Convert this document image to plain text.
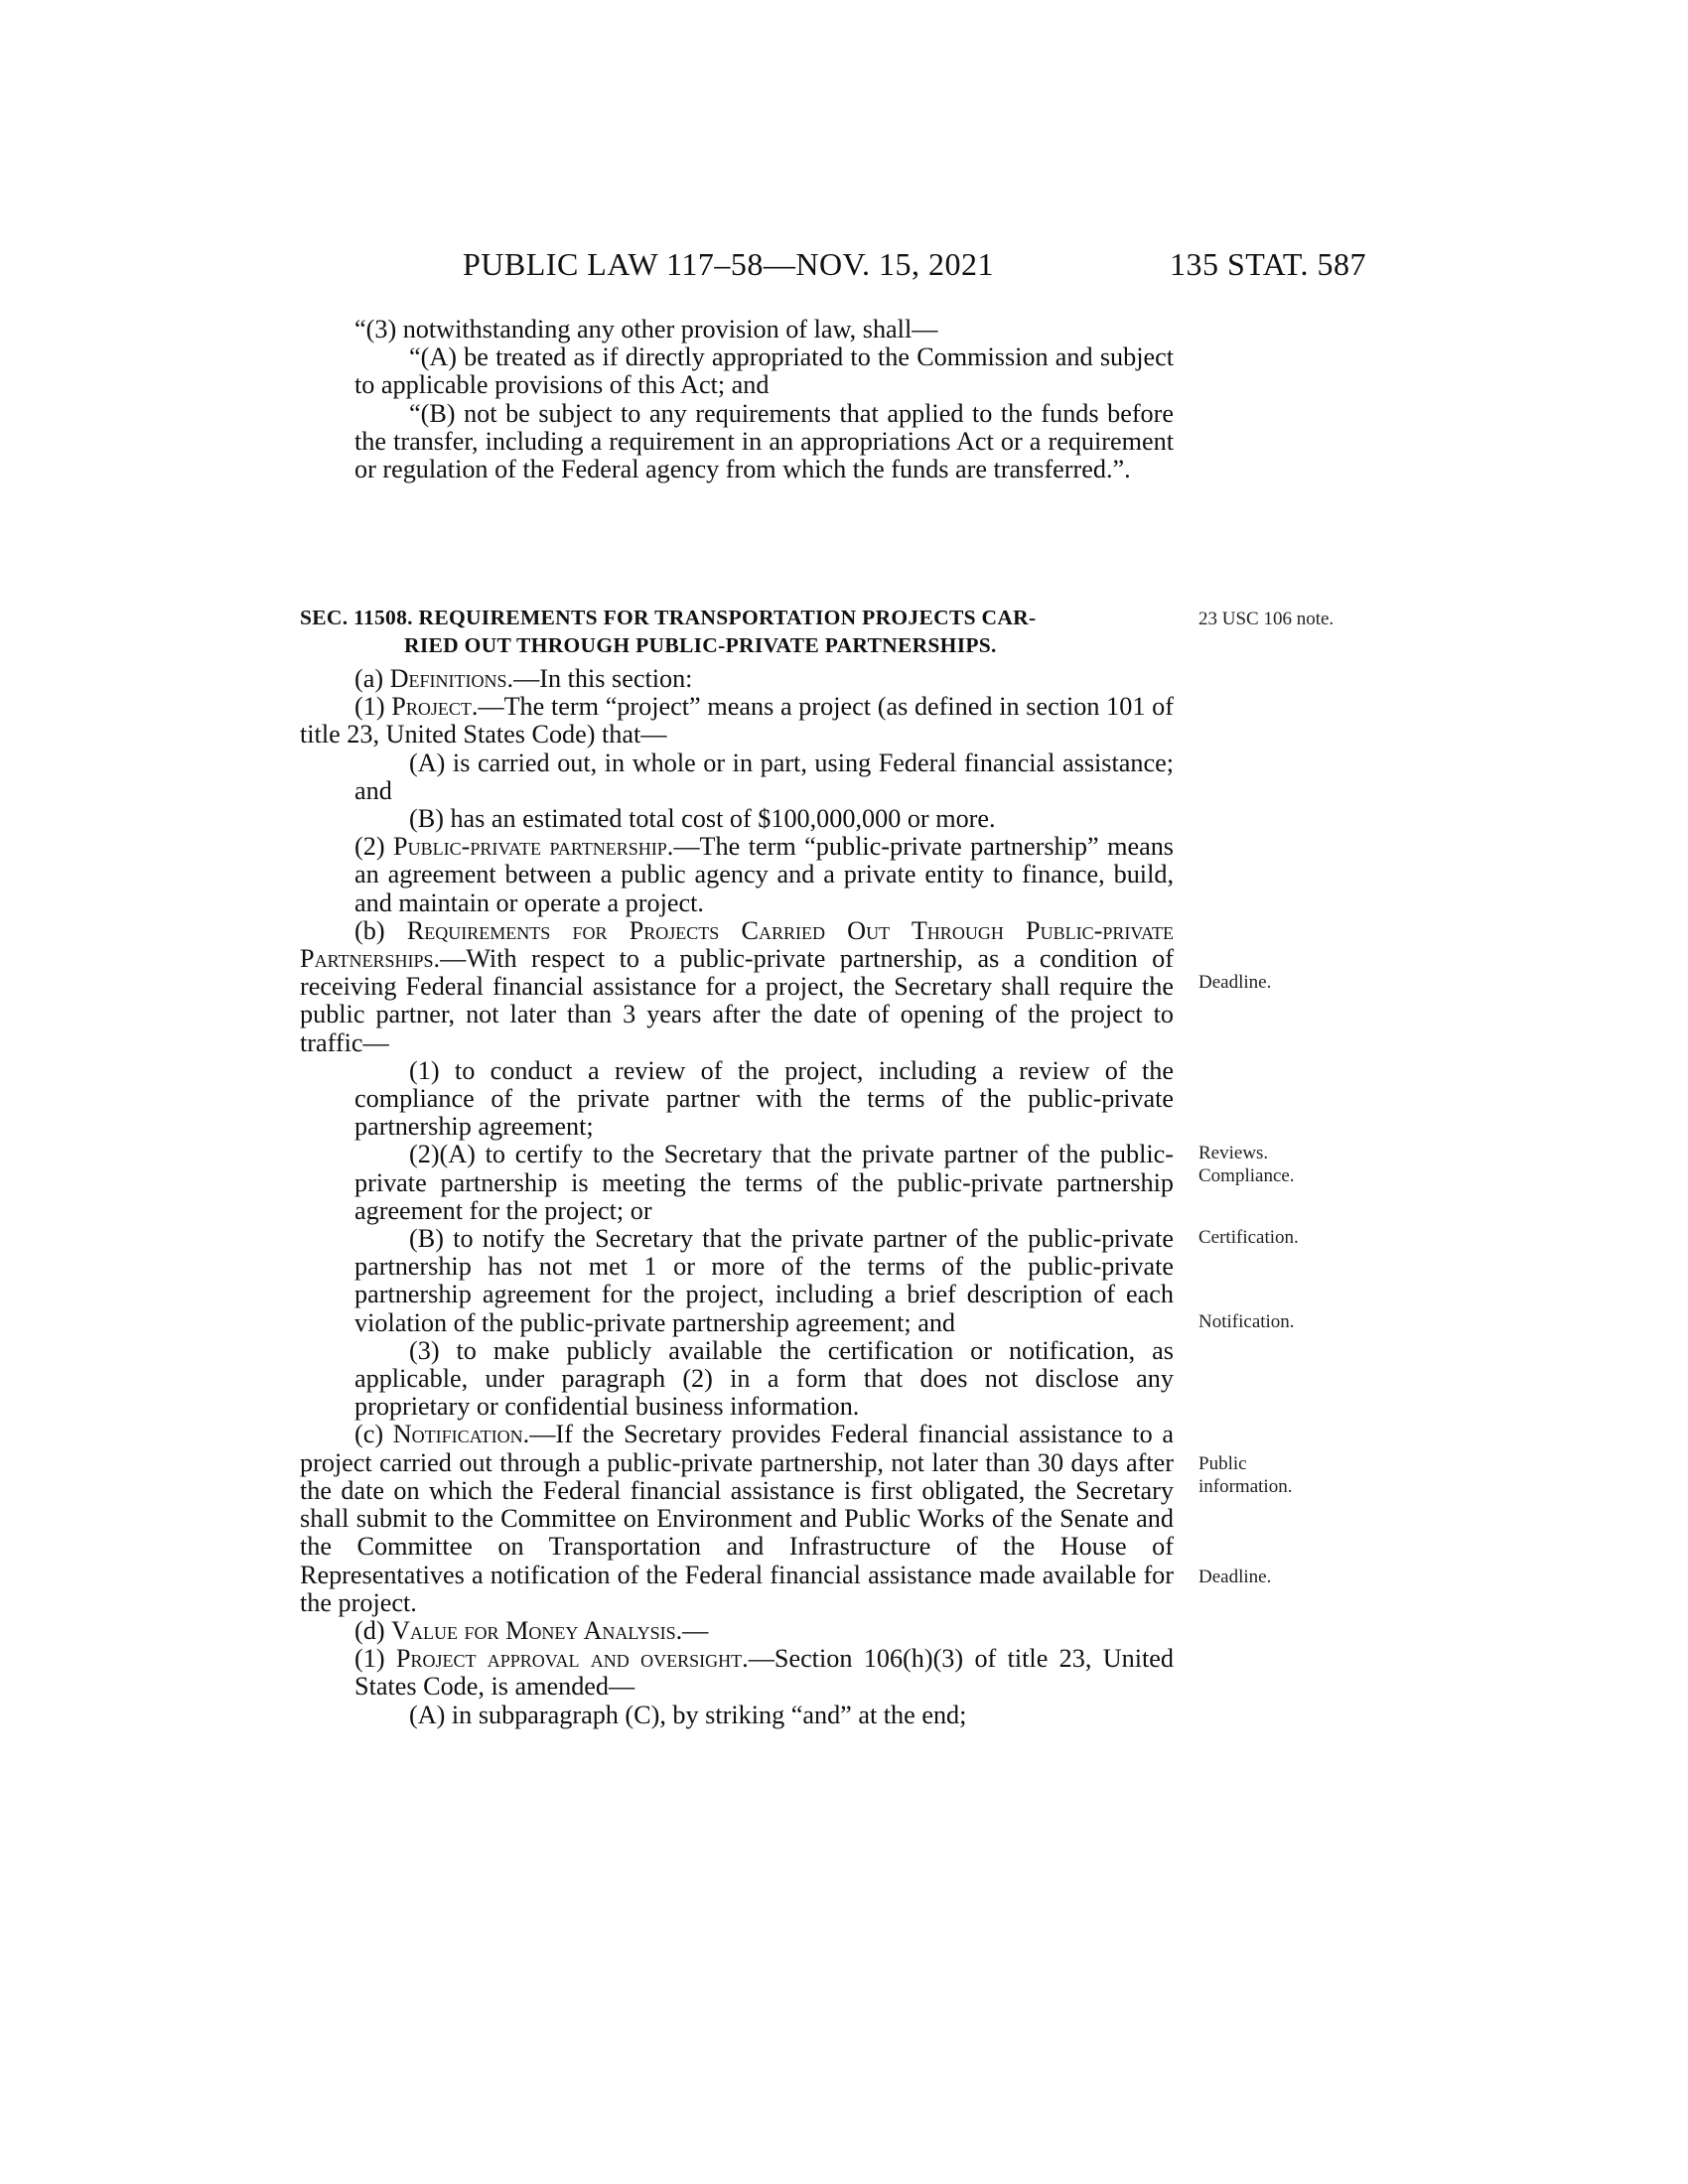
PUBLIC LAW 117–58—NOV. 15, 2021	135 STAT. 587

“(3) notwithstanding any other provision of law, shall—

“(A) be treated as if directly appropriated to the Commission and subject to applicable provisions of this Act; and

“(B) not be subject to any requirements that applied to the funds before the transfer, including a requirement in an appropriations Act or a requirement or regulation of the Federal agency from which the funds are transferred.”.

SEC. 11508. REQUIREMENTS FOR TRANSPORTATION PROJECTS CAR-
RIED OUT THROUGH PUBLIC-PRIVATE PARTNERSHIPS.

(a) Definitions.—In this section:

(1) Project.—The term “project” means a project (as defined in section 101 of title 23, United States Code) that—

(A) is carried out, in whole or in part, using Federal financial assistance; and

(B) has an estimated total cost of $100,000,000 or more.

(2) Public-private partnership.—The term “public-private partnership” means an agreement between a public agency and a private entity to finance, build, and maintain or operate a project.

(b) Requirements for Projects Carried Out Through Public-private Partnerships.—With respect to a public-private partnership, as a condition of receiving Federal financial assistance for a project, the Secretary shall require the public partner, not later than 3 years after the date of opening of the project to traffic—

(1) to conduct a review of the project, including a review of the compliance of the private partner with the terms of the public-private partnership agreement;

(2)(A) to certify to the Secretary that the private partner of the public-private partnership is meeting the terms of the public-private partnership agreement for the project; or

(B) to notify the Secretary that the private partner of the public-private partnership has not met 1 or more of the terms of the public-private partnership agreement for the project, including a brief description of each violation of the public-private partnership agreement; and

(3) to make publicly available the certification or notification, as applicable, under paragraph (2) in a form that does not disclose any proprietary or confidential business information.

(c) Notification.—If the Secretary provides Federal financial assistance to a project carried out through a public-private partnership, not later than 30 days after the date on which the Federal financial assistance is first obligated, the Secretary shall submit to the Committee on Environment and Public Works of the Senate and the Committee on Transportation and Infrastructure of the House of Representatives a notification of the Federal financial assistance made available for the project.

(d) Value for Money Analysis.—

(1) Project approval and oversight.—Section 106(h)(3) of title 23, United States Code, is amended—

(A) in subparagraph (C), by striking “and” at the end;

23 USC 106 note.
Deadline.
Reviews.
Compliance.
Certification.
Notification.
Public
information.
Deadline.
